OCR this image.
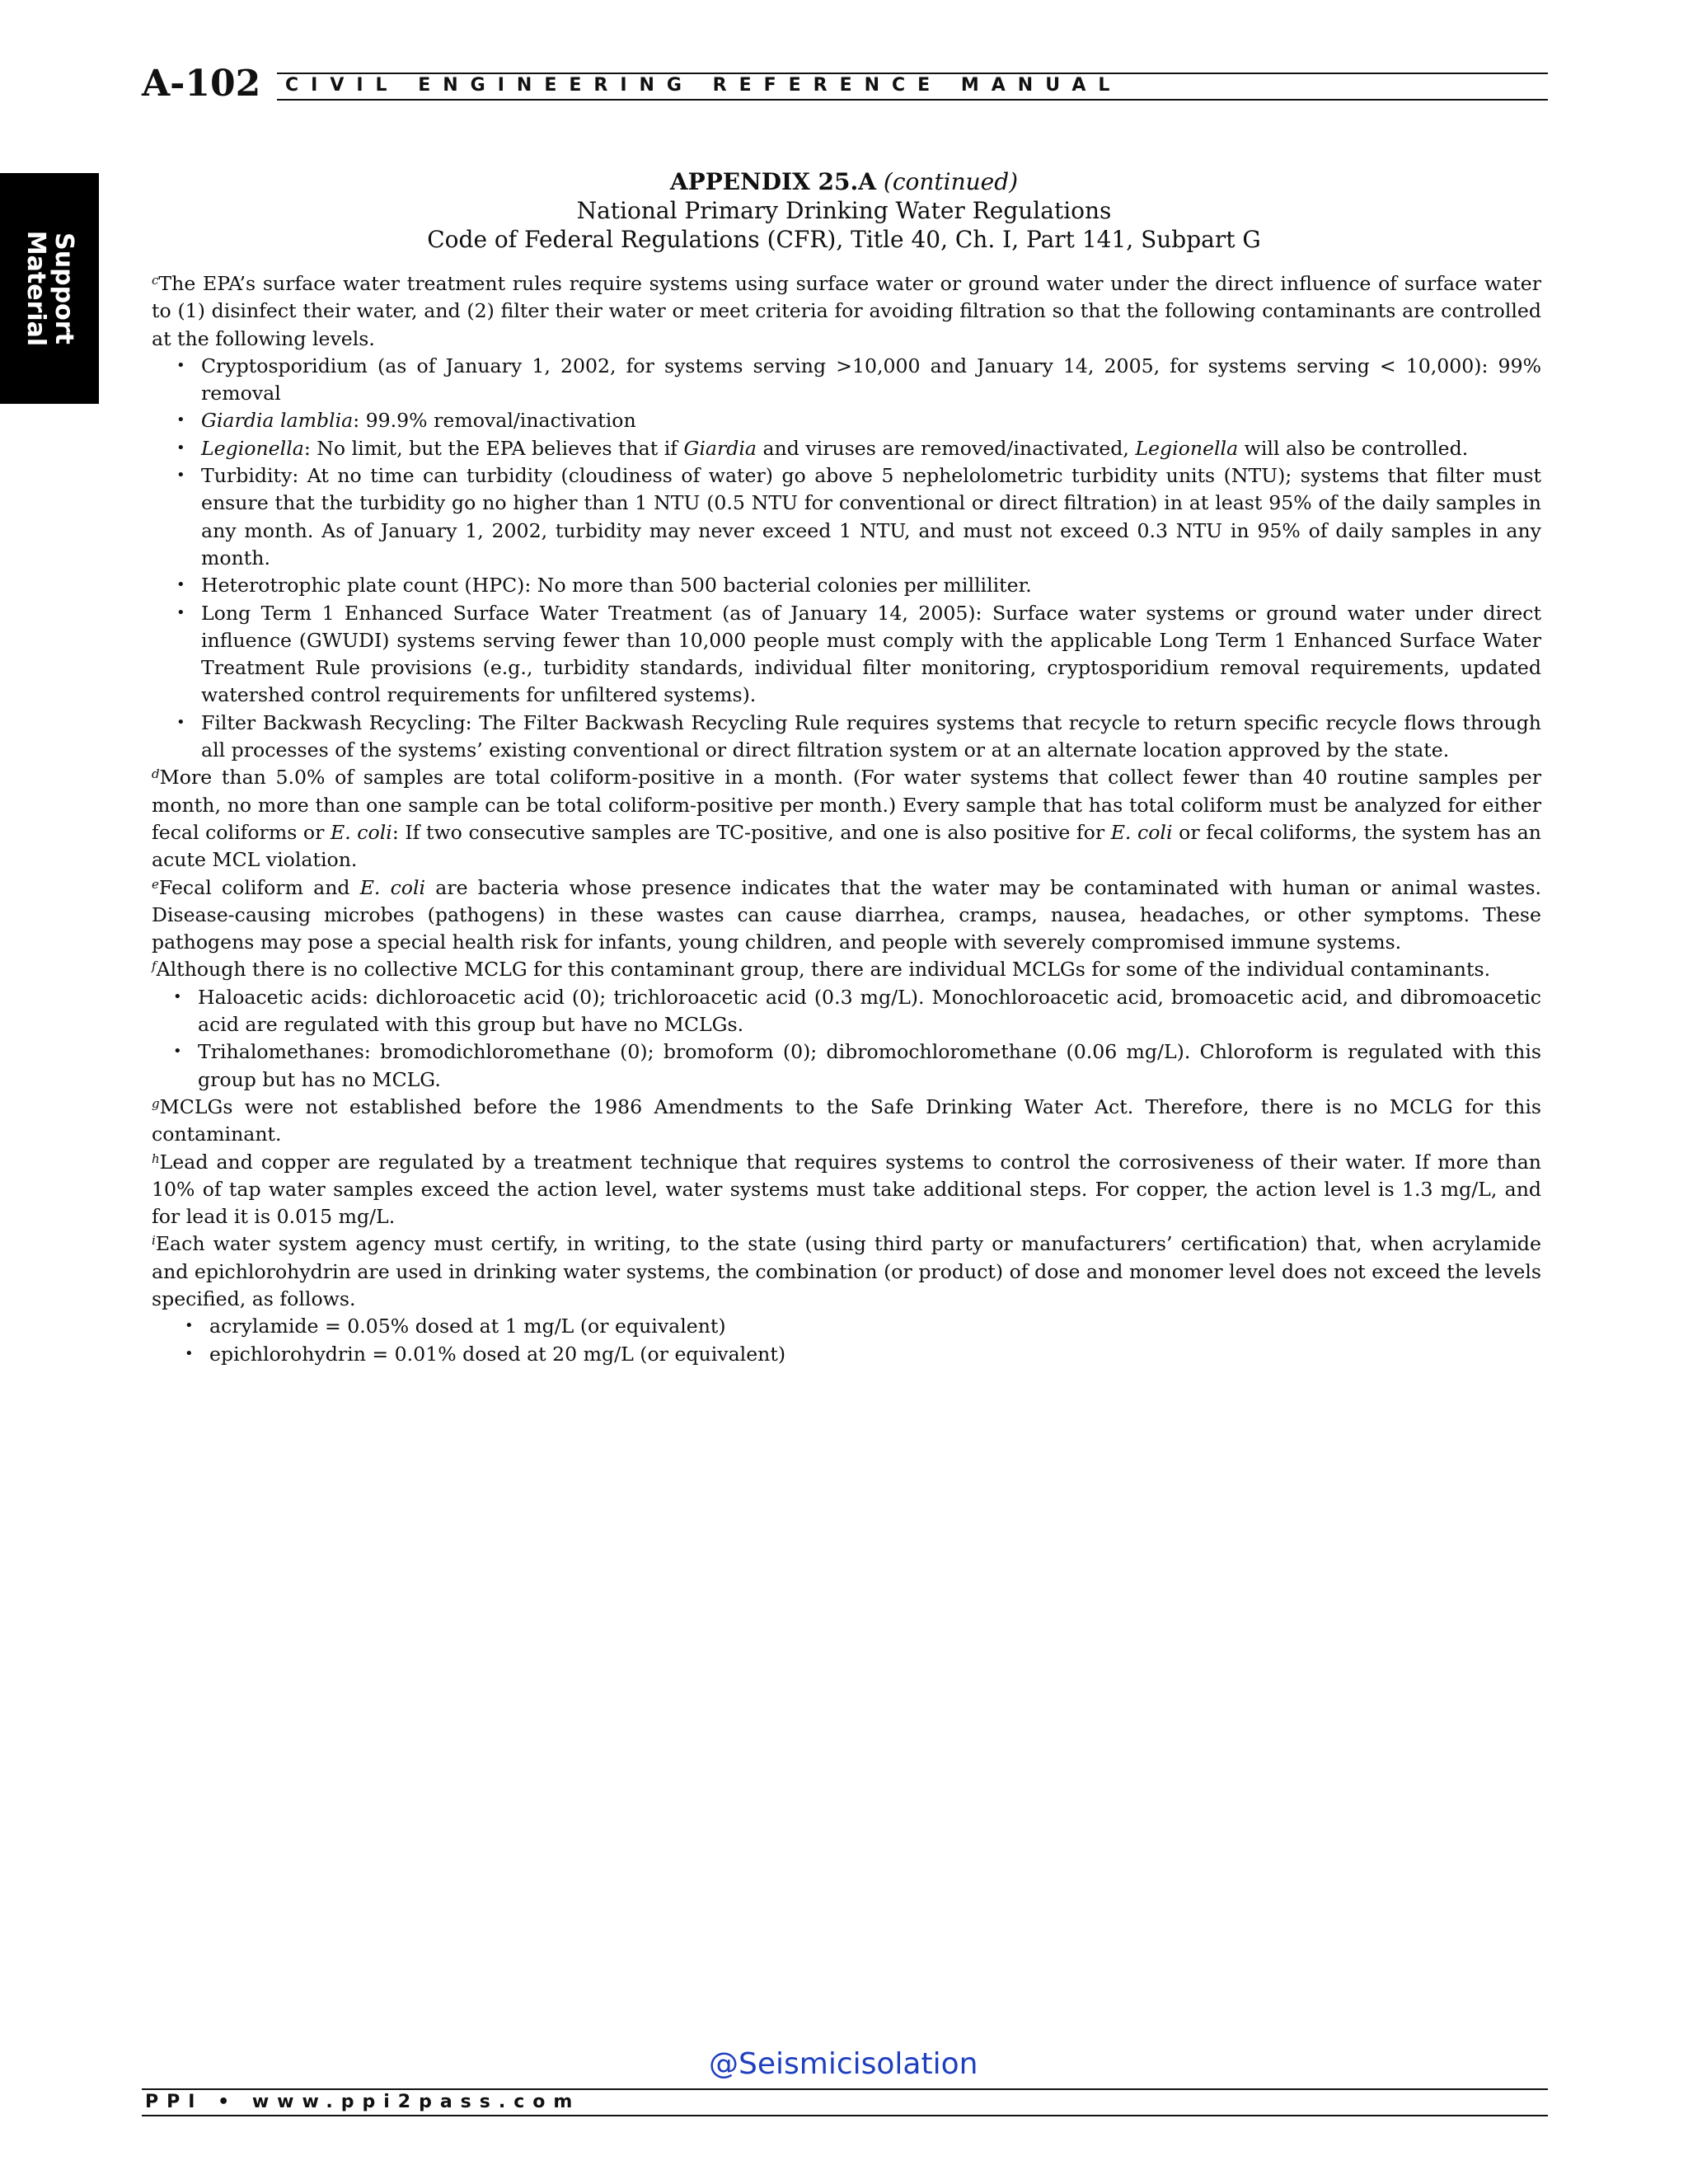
A-102 CIVIL ENGINEERING REFERENCE MANUAL
Support
Material
APPENDIX 25.A (continued)
National Primary Drinking Water Regulations
Code of Federal Regulations (CFR), Title 40, Ch. I, Part 141, Subpart G

$^c$The EPA’s surface water treatment rules require systems using surface water or ground water under the direct influence of surface water to (1) disinfect their water, and (2) filter their water or meet criteria for avoiding filtration so that the following contaminants are controlled at the following levels.

• Cryptosporidium (as of January 1, 2002, for systems serving >10,000 and January 14, 2005, for systems serving < 10,000): 99% removal
• Giardia lamblia: 99.9% removal/inactivation
• Legionella: No limit, but the EPA believes that if Giardia and viruses are removed/inactivated, Legionella will also be controlled.
• Turbidity: At no time can turbidity (cloudiness of water) go above 5 nephelolometric turbidity units (NTU); systems that filter must ensure that the turbidity go no higher than 1 NTU (0.5 NTU for conventional or direct filtration) in at least 95% of the daily samples in any month. As of January 1, 2002, turbidity may never exceed 1 NTU, and must not exceed 0.3 NTU in 95% of daily samples in any month.
• Heterotrophic plate count (HPC): No more than 500 bacterial colonies per milliliter.
• Long Term 1 Enhanced Surface Water Treatment (as of January 14, 2005): Surface water systems or ground water under direct influence (GWUDI) systems serving fewer than 10,000 people must comply with the applicable Long Term 1 Enhanced Surface Water Treatment Rule provisions (e.g., turbidity standards, individual filter monitoring, cryptosporidium removal requirements, updated watershed control requirements for unfiltered systems).
• Filter Backwash Recycling: The Filter Backwash Recycling Rule requires systems that recycle to return specific recycle flows through all processes of the systems’ existing conventional or direct filtration system or at an alternate location approved by the state.

$^d$More than 5.0% of samples are total coliform-positive in a month. (For water systems that collect fewer than 40 routine samples per month, no more than one sample can be total coliform-positive per month.) Every sample that has total coliform must be analyzed for either fecal coliforms or E. coli: If two consecutive samples are TC-positive, and one is also positive for E. coli or fecal coliforms, the system has an acute MCL violation.

$^e$Fecal coliform and E. coli are bacteria whose presence indicates that the water may be contaminated with human or animal wastes. Disease-causing microbes (pathogens) in these wastes can cause diarrhea, cramps, nausea, headaches, or other symptoms. These pathogens may pose a special health risk for infants, young children, and people with severely compromised immune systems.

$^f$Although there is no collective MCLG for this contaminant group, there are individual MCLGs for some of the individual contaminants.

• Haloacetic acids: dichloroacetic acid (0); trichloroacetic acid (0.3 mg/L). Monochloroacetic acid, bromoacetic acid, and dibromoacetic acid are regulated with this group but have no MCLGs.
• Trihalomethanes: bromodichloromethane (0); bromoform (0); dibromochloromethane (0.06 mg/L). Chloroform is regulated with this group but has no MCLG.

$^g$MCLGs were not established before the 1986 Amendments to the Safe Drinking Water Act. Therefore, there is no MCLG for this contaminant.

$^h$Lead and copper are regulated by a treatment technique that requires systems to control the corrosiveness of their water. If more than 10% of tap water samples exceed the action level, water systems must take additional steps. For copper, the action level is 1.3 mg/L, and for lead it is 0.015 mg/L.

$^i$Each water system agency must certify, in writing, to the state (using third party or manufacturers’ certification) that, when acrylamide and epichlorohydrin are used in drinking water systems, the combination (or product) of dose and monomer level does not exceed the levels specified, as follows.

• acrylamide = 0.05% dosed at 1 mg/L (or equivalent)
• epichlorohydrin = 0.01% dosed at 20 mg/L (or equivalent)
@Seismicisolation
PPI • www.ppi2pass.com
